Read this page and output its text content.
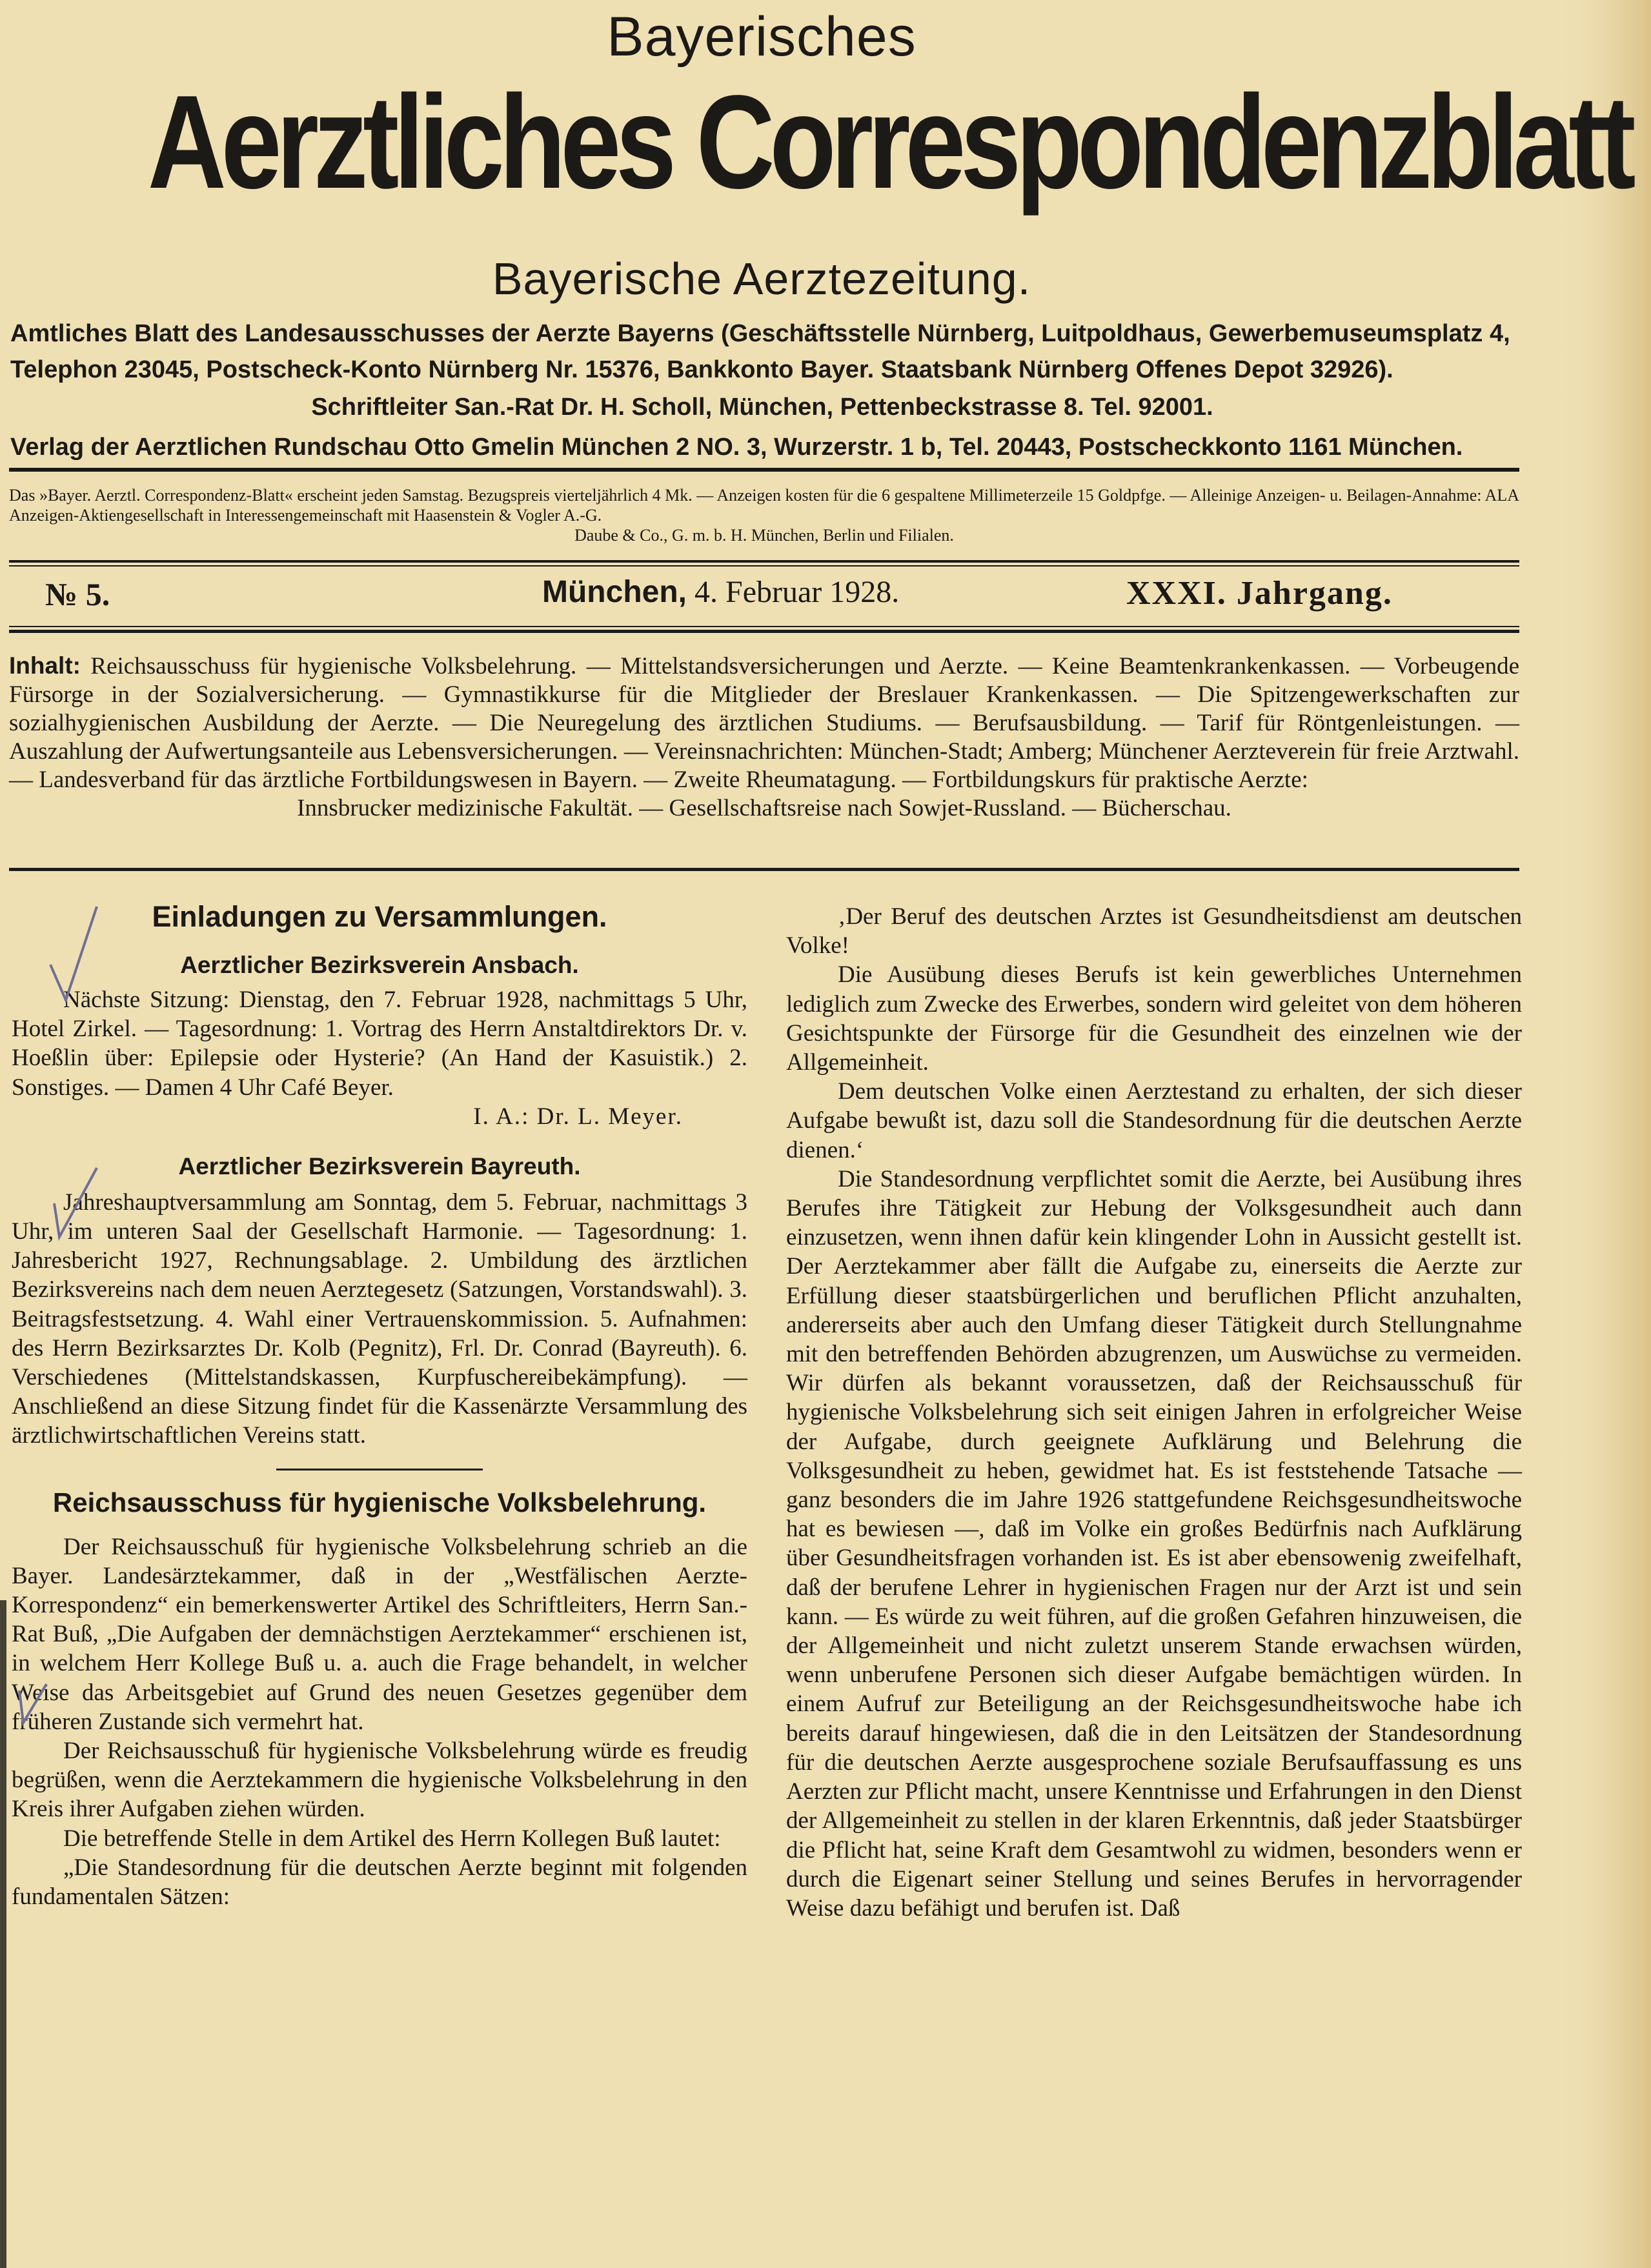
Bayerisches
Aerztliches Correspondenzblatt
Bayerische Aerztezeitung.
Amtliches Blatt des Landesausschusses der Aerzte Bayerns (Geschäftsstelle Nürnberg, Luitpoldhaus, Gewerbemuseumsplatz 4,
Telephon 23045, Postscheck-Konto Nürnberg Nr. 15376, Bankkonto Bayer. Staatsbank Nürnberg Offenes Depot 32926).
Schriftleiter San.-Rat Dr. H. Scholl, München, Pettenbeckstrasse 8. Tel. 92001.
Verlag der Aerztlichen Rundschau Otto Gmelin München 2 NO. 3, Wurzerstr. 1 b, Tel. 20443, Postscheckkonto 1161 München.
Das »Bayer. Aerztl. Correspondenz-Blatt« erscheint jeden Samstag. Bezugspreis vierteljährlich 4 Mk. — Anzeigen kosten für die 6 gespaltene Millimeterzeile 15 Goldpfge. — Alleinige Anzeigen- u. Beilagen-Annahme: ALA Anzeigen-Aktiengesellschaft in Interessengemeinschaft mit Haasenstein & Vogler A.-G.
Daube & Co., G. m. b. H. München, Berlin und Filialen.
№ 5.	München, 4. Februar 1928.	XXXI. Jahrgang.
Inhalt: Reichsausschuss für hygienische Volksbelehrung. — Mittelstandsversicherungen und Aerzte. — Keine Beamtenkrankenkassen. — Vorbeugende Fürsorge in der Sozialversicherung. — Gymnastikkurse für die Mitglieder der Breslauer Krankenkassen. — Die Spitzengewerkschaften zur sozialhygienischen Ausbildung der Aerzte. — Die Neuregelung des ärztlichen Studiums. — Berufsausbildung. — Tarif für Röntgenleistungen. — Auszahlung der Aufwertungsanteile aus Lebensversicherungen. — Vereinsnachrichten: München-Stadt; Amberg; Münchener Aerzteverein für freie Arztwahl. — Landesverband für das ärztliche Fortbildungswesen in Bayern. — Zweite Rheumatagung. — Fortbildungskurs für praktische Aerzte:
Innsbrucker medizinische Fakultät. — Gesellschaftsreise nach Sowjet-Russland. — Bücherschau.
Einladungen zu Versammlungen.
Aerztlicher Bezirksverein Ansbach.

Nächste Sitzung: Dienstag, den 7. Februar 1928, nachmittags 5 Uhr, Hotel Zirkel. — Tagesordnung: 1. Vortrag des Herrn Anstaltdirektors Dr. v. Hoeßlin über: Epilepsie oder Hysterie? (An Hand der Kasuistik.) 2. Sonstiges. — Damen 4 Uhr Café Beyer.

I. A.: Dr. L. Meyer.
Aerztlicher Bezirksverein Bayreuth.

Jahreshauptversammlung am Sonntag, dem 5. Februar, nachmittags 3 Uhr, im unteren Saal der Gesellschaft Harmonie. — Tagesordnung: 1. Jahresbericht 1927, Rechnungsablage. 2. Umbildung des ärztlichen Bezirksvereins nach dem neuen Aerztegesetz (Satzungen, Vorstandswahl). 3. Beitragsfestsetzung. 4. Wahl einer Vertrauenskommission. 5. Aufnahmen: des Herrn Bezirksarztes Dr. Kolb (Pegnitz), Frl. Dr. Conrad (Bayreuth). 6. Verschiedenes (Mittelstandskassen, Kurpfuschereibekämpfung). — Anschließend an diese Sitzung findet für die Kassenärzte Versammlung des ärztlichwirtschaftlichen Vereins statt.

Reichsausschuss für hygienische Volksbelehrung.

Der Reichsausschuß für hygienische Volksbelehrung schrieb an die Bayer. Landesärztekammer, daß in der „Westfälischen Aerzte-Korrespondenz“ ein bemerkenswerter Artikel des Schriftleiters, Herrn San.-Rat Buß, „Die Aufgaben der demnächstigen Aerztekammer“ erschienen ist, in welchem Herr Kollege Buß u. a. auch die Frage behandelt, in welcher Weise das Arbeitsgebiet auf Grund des neuen Gesetzes gegenüber dem früheren Zustande sich vermehrt hat.

Der Reichsausschuß für hygienische Volksbelehrung würde es freudig begrüßen, wenn die Aerztekammern die hygienische Volksbelehrung in den Kreis ihrer Aufgaben ziehen würden.

Die betreffende Stelle in dem Artikel des Herrn Kollegen Buß lautet:

„Die Standesordnung für die deutschen Aerzte beginnt mit folgenden fundamentalen Sätzen:

‚Der Beruf des deutschen Arztes ist Gesundheitsdienst am deutschen Volke!

Die Ausübung dieses Berufs ist kein gewerbliches Unternehmen lediglich zum Zwecke des Erwerbes, sondern wird geleitet von dem höheren Gesichtspunkte der Fürsorge für die Gesundheit des einzelnen wie der Allgemeinheit.

Dem deutschen Volke einen Aerztestand zu erhalten, der sich dieser Aufgabe bewußt ist, dazu soll die Standesordnung für die deutschen Aerzte dienen.‘

Die Standesordnung verpflichtet somit die Aerzte, bei Ausübung ihres Berufes ihre Tätigkeit zur Hebung der Volksgesundheit auch dann einzusetzen, wenn ihnen dafür kein klingender Lohn in Aussicht gestellt ist. Der Aerztekammer aber fällt die Aufgabe zu, einerseits die Aerzte zur Erfüllung dieser staatsbürgerlichen und beruflichen Pflicht anzuhalten, andererseits aber auch den Umfang dieser Tätigkeit durch Stellungnahme mit den betreffenden Behörden abzugrenzen, um Auswüchse zu vermeiden. Wir dürfen als bekannt voraussetzen, daß der Reichsausschuß für hygienische Volksbelehrung sich seit einigen Jahren in erfolgreicher Weise der Aufgabe, durch geeignete Aufklärung und Belehrung die Volksgesundheit zu heben, gewidmet hat. Es ist feststehende Tatsache — ganz besonders die im Jahre 1926 stattgefundene Reichsgesundheitswoche hat es bewiesen —, daß im Volke ein großes Bedürfnis nach Aufklärung über Gesundheitsfragen vorhanden ist. Es ist aber ebensowenig zweifelhaft, daß der berufene Lehrer in hygienischen Fragen nur der Arzt ist und sein kann. — Es würde zu weit führen, auf die großen Gefahren hinzuweisen, die der Allgemeinheit und nicht zuletzt unserem Stande erwachsen würden, wenn unberufene Personen sich dieser Aufgabe bemächtigen würden. In einem Aufruf zur Beteiligung an der Reichsgesundheitswoche habe ich bereits darauf hingewiesen, daß die in den Leitsätzen der Standesordnung für die deutschen Aerzte ausgesprochene soziale Berufsauffassung es uns Aerzten zur Pflicht macht, unsere Kenntnisse und Erfahrungen in den Dienst der Allgemeinheit zu stellen in der klaren Erkenntnis, daß jeder Staatsbürger die Pflicht hat, seine Kraft dem Gesamtwohl zu widmen, besonders wenn er durch die Eigenart seiner Stellung und seines Berufes in hervorragender Weise dazu befähigt und berufen ist. Daß
